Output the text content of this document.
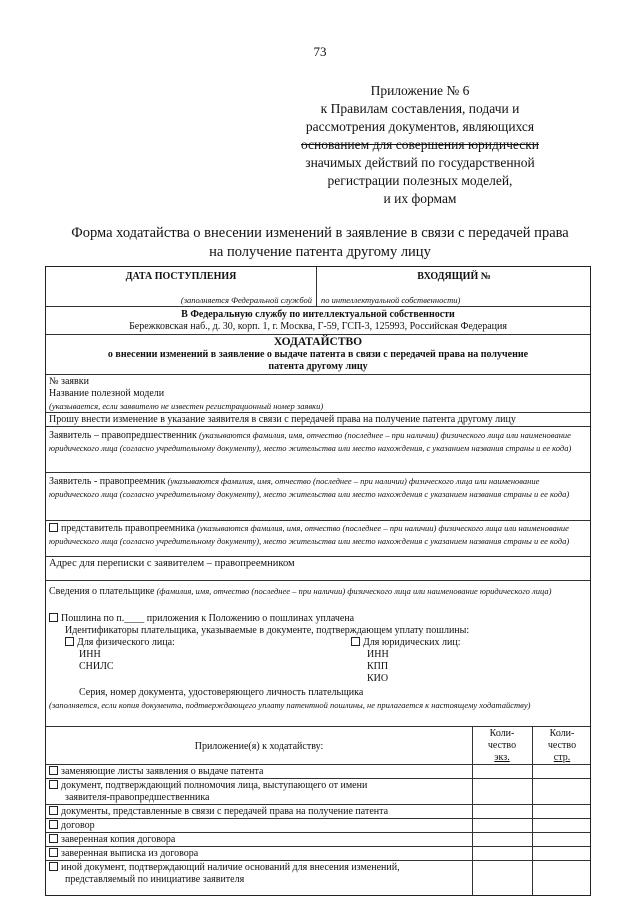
73
Приложение № 6
к Правилам составления, подачи и
рассмотрения документов, являющихся
основанием для совершения юридически
значимых действий по государственной
регистрации полезных моделей,
и их формам
Форма ходатайства о внесении изменений в заявление в связи с передачей права
на получение патента другому лицу
ДАТА ПОСТУПЛЕНИЯ	ВХОДЯЩИЙ №
(заполняется Федеральной службой по интеллектуальной собственности)
В Федеральную службу по интеллектуальной собственности
Бережковская наб., д. 30, корп. 1, г. Москва, Г-59, ГСП-3, 125993, Российская Федерация
ХОДАТАЙСТВО
о внесении изменений в заявление о выдаче патента в связи с передачей права на получение
патента другому лицу
№ заявки
Название полезной модели
(указывается, если заявителю не известен регистрационный номер заявки)
Прошу внести изменение в указание заявителя в связи с передачей права на получение патента другому лицу
Заявитель – правопредшественник (указываются фамилия, имя, отчество (последнее – при наличии) физического лица или наименование юридического лица (согласно учредительному документу), место жительства или место нахождения, с указанием названия страны и ее кода)
Заявитель - правопреемник (указываются фамилия, имя, отчество (последнее – при наличии) физического лица или наименование юридического лица (согласно учредительному документу), место жительства или место нахождения с указанием названия страны и ее кода)
представитель правопреемника (указываются фамилия, имя, отчество (последнее – при наличии) физического лица или наименование юридического лица (согласно учредительному документу), место жительства или место нахождения с указанием названия страны и ее кода)
Адрес для переписки с заявителем – правопреемником
Сведения о плательщике (фамилия, имя, отчество (последнее – при наличии) физического лица или наименование юридического лица)
Пошлина по п.____ приложения к Положению о пошлинах уплачена
Идентификаторы плательщика, указываемые в документе, подтверждающем уплату пошлины:
Для физического лица:
ИНН
СНИЛС
Для юридических лиц:
ИНН
КПП
КИО
Серия, номер документа, удостоверяющего личность плательщика
(заполняется, если копия документа, подтверждающего уплату патентной пошлины, не прилагается к настоящему ходатайству)
Приложение(я) к ходатайству:
Коли-
чество
экз.
Коли-
чество
стр.
заменяющие листы заявления о выдаче патента
документ, подтверждающий полномочия лица, выступающего от имени
заявителя-правопредшественника
документы, представленные в связи с передачей права на получение патента
договор
заверенная копия договора
заверенная выписка из договора
иной документ, подтверждающий наличие оснований для внесения изменений,
представляемый по инициативе заявителя
